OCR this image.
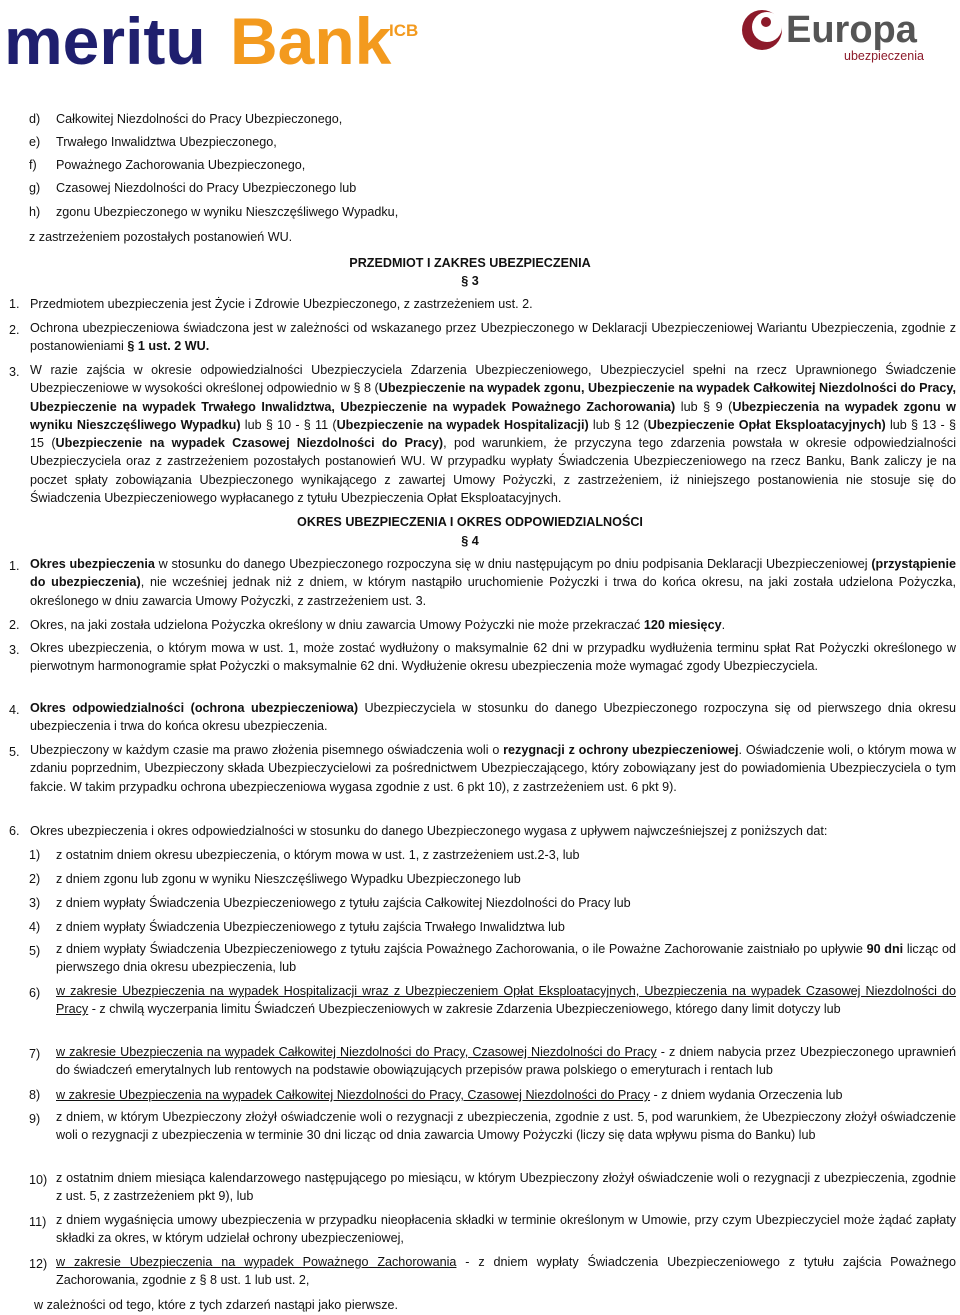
meritu Bank
ICB	Europa
ubezpieczenia
d) Całkowitej Niezdolności do Pracy Ubezpieczonego,
e) Trwałego Inwalidztwa Ubezpieczonego,
f) Poważnego Zachorowania Ubezpieczonego,
g) Czasowej Niezdolności do Pracy Ubezpieczonego lub
h) zgonu Ubezpieczonego w wyniku Nieszczęśliwego Wypadku,
z zastrzeżeniem pozostałych postanowień WU.
PRZEDMIOT I ZAKRES UBEZPIECZENIA
§ 3
1. Przedmiotem ubezpieczenia jest Życie i Zdrowie Ubezpieczonego, z zastrzeżeniem ust. 2.
2. Ochrona ubezpieczeniowa świadczona jest w zależności od wskazanego przez Ubezpieczonego w Deklaracji Ubezpieczeniowej Wariantu Ubezpieczenia, zgodnie z postanowieniami § 1 ust. 2 WU.
3. W razie zajścia w okresie odpowiedzialności Ubezpieczyciela Zdarzenia Ubezpieczeniowego, Ubezpieczyciel spełni na rzecz Uprawnionego Świadczenie Ubezpieczeniowe w wysokości określonej odpowiednio w § 8 (Ubezpieczenie na wypadek zgonu, Ubezpieczenie na wypadek Całkowitej Niezdolności do Pracy, Ubezpieczenie na wypadek Trwałego Inwalidztwa, Ubezpieczenie na wypadek Poważnego Zachorowania) lub § 9 (Ubezpieczenia na wypadek zgonu w wyniku Nieszczęśliwego Wypadku) lub § 10 - § 11 (Ubezpieczenie na wypadek Hospitalizacji) lub § 12 (Ubezpieczenie Opłat Eksploatacyjnych) lub § 13 - § 15 (Ubezpieczenie na wypadek Czasowej Niezdolności do Pracy), pod warunkiem, że przyczyna tego zdarzenia powstała w okresie odpowiedzialności Ubezpieczyciela oraz z zastrzeżeniem pozostałych postanowień WU. W przypadku wypłaty Świadczenia Ubezpieczeniowego na rzecz Banku, Bank zaliczy je na poczet spłaty zobowiązania Ubezpieczonego wynikającego z zawartej Umowy Pożyczki, z zastrzeżeniem, iż niniejszego postanowienia nie stosuje się do Świadczenia Ubezpieczeniowego wypłacanego z tytułu Ubezpieczenia Opłat Eksploatacyjnych.
OKRES UBEZPIECZENIA I OKRES ODPOWIEDZIALNOŚCI
§ 4
1. Okres ubezpieczenia w stosunku do danego Ubezpieczonego rozpoczyna się w dniu następującym po dniu podpisania Deklaracji Ubezpieczeniowej (przystąpienie do ubezpieczenia), nie wcześniej jednak niż z dniem, w którym nastąpiło uruchomienie Pożyczki i trwa do końca okresu, na jaki została udzielona Pożyczka, określonego w dniu zawarcia Umowy Pożyczki, z zastrzeżeniem ust. 3.
2. Okres, na jaki została udzielona Pożyczka określony w dniu zawarcia Umowy Pożyczki nie może przekraczać 120 miesięcy.
3. Okres ubezpieczenia, o którym mowa w ust. 1, może zostać wydłużony o maksymalnie 62 dni w przypadku wydłużenia terminu spłat Rat Pożyczki określonego w pierwotnym harmonogramie spłat Pożyczki o maksymalnie 62 dni. Wydłużenie okresu ubezpieczenia może wymagać zgody Ubezpieczyciela.
4. Okres odpowiedzialności (ochrona ubezpieczeniowa) Ubezpieczyciela w stosunku do danego Ubezpieczonego rozpoczyna się od pierwszego dnia okresu ubezpieczenia i trwa do końca okresu ubezpieczenia.
5. Ubezpieczony w każdym czasie ma prawo złożenia pisemnego oświadczenia woli o rezygnacji z ochrony ubezpieczeniowej. Oświadczenie woli, o którym mowa w zdaniu poprzednim, Ubezpieczony składa Ubezpieczycielowi za pośrednictwem Ubezpieczającego, który zobowiązany jest do powiadomienia Ubezpieczyciela o tym fakcie. W takim przypadku ochrona ubezpieczeniowa wygasa zgodnie z ust. 6 pkt 10), z zastrzeżeniem ust. 6 pkt 9).
6. Okres ubezpieczenia i okres odpowiedzialności w stosunku do danego Ubezpieczonego wygasa z upływem najwcześniejszej z poniższych dat:
1) z ostatnim dniem okresu ubezpieczenia, o którym mowa w ust. 1, z zastrzeżeniem ust.2-3, lub
2) z dniem zgonu lub zgonu w wyniku Nieszczęśliwego Wypadku Ubezpieczonego lub
3) z dniem wypłaty Świadczenia Ubezpieczeniowego z tytułu zajścia Całkowitej Niezdolności do Pracy lub
4) z dniem wypłaty Świadczenia Ubezpieczeniowego z tytułu zajścia Trwałego Inwalidztwa lub
5) z dniem wypłaty Świadczenia Ubezpieczeniowego z tytułu zajścia Poważnego Zachorowania, o ile Poważne Zachorowanie zaistniało po upływie 90 dni licząc od pierwszego dnia okresu ubezpieczenia, lub
6) w zakresie Ubezpieczenia na wypadek Hospitalizacji wraz z Ubezpieczeniem Opłat Eksploatacyjnych, Ubezpieczenia na wypadek Czasowej Niezdolności do Pracy - z chwilą wyczerpania limitu Świadczeń Ubezpieczeniowych w zakresie Zdarzenia Ubezpieczeniowego, którego dany limit dotyczy lub
7) w zakresie Ubezpieczenia na wypadek Całkowitej Niezdolności do Pracy, Czasowej Niezdolności do Pracy - z dniem nabycia przez Ubezpieczonego uprawnień do świadczeń emerytalnych lub rentowych na podstawie obowiązujących przepisów prawa polskiego o emeryturach i rentach lub
8) w zakresie Ubezpieczenia na wypadek Całkowitej Niezdolności do Pracy, Czasowej Niezdolności do Pracy - z dniem wydania Orzeczenia lub
9) z dniem, w którym Ubezpieczony złożył oświadczenie woli o rezygnacji z ubezpieczenia, zgodnie z ust. 5, pod warunkiem, że Ubezpieczony złożył oświadczenie woli o rezygnacji z ubezpieczenia w terminie 30 dni licząc od dnia zawarcia Umowy Pożyczki (liczy się data wpływu pisma do Banku) lub
10) z ostatnim dniem miesiąca kalendarzowego następującego po miesiącu, w którym Ubezpieczony złożył oświadczenie woli o rezygnacji z ubezpieczenia, zgodnie z ust. 5, z zastrzeżeniem pkt 9), lub
11) z dniem wygaśnięcia umowy ubezpieczenia w przypadku nieopłacenia składki w terminie określonym w Umowie, przy czym Ubezpieczyciel może żądać zapłaty składki za okres, w którym udzielał ochrony ubezpieczeniowej,
12) w zakresie Ubezpieczenia na wypadek Poważnego Zachorowania - z dniem wypłaty Świadczenia Ubezpieczeniowego z tytułu zajścia Poważnego Zachorowania, zgodnie z § 8 ust. 1 lub ust. 2,
w zależności od tego, które z tych zdarzeń nastąpi jako pierwsze.
